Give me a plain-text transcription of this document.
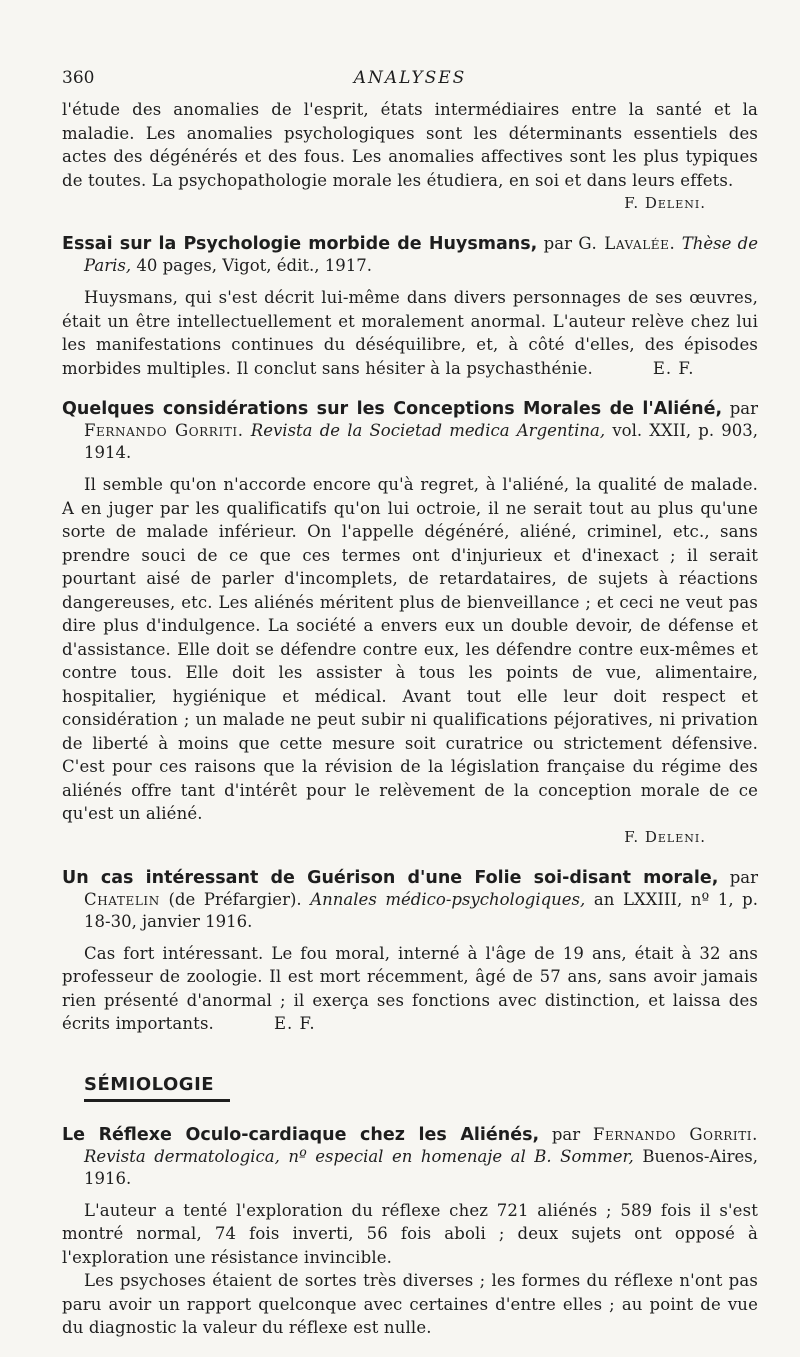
360	ANALYSES

l'étude des anomalies de l'esprit, états intermédiaires entre la santé et la maladie. Les anomalies psychologiques sont les déterminants essentiels des actes des dégénérés et des fous. Les anomalies affectives sont les plus typiques de toutes. La psychopathologie morale les étudiera, en soi et dans leurs effets.

F. Deleni.

Essai sur la Psychologie morbide de Huysmans, par G. Lavalée. Thèse de Paris, 40 pages, Vigot, édit., 1917.

Huysmans, qui s'est décrit lui-même dans divers personnages de ses œuvres, était un être intellectuellement et moralement anormal. L'auteur relève chez lui les manifestations continues du déséquilibre, et, à côté d'elles, des épisodes morbides multiples. Il conclut sans hésiter à la psychasthénie.	E. F.

Quelques considérations sur les Conceptions Morales de l'Aliéné, par Fernando Gorriti. Revista de la Societad medica Argentina, vol. XXII, p. 903, 1914.

Il semble qu'on n'accorde encore qu'à regret, à l'aliéné, la qualité de malade. A en juger par les qualificatifs qu'on lui octroie, il ne serait tout au plus qu'une sorte de malade inférieur. On l'appelle dégénéré, aliéné, criminel, etc., sans prendre souci de ce que ces termes ont d'injurieux et d'inexact ; il serait pourtant aisé de parler d'incomplets, de retardataires, de sujets à réactions dangereuses, etc. Les aliénés méritent plus de bienveillance ; et ceci ne veut pas dire plus d'indulgence. La société a envers eux un double devoir, de défense et d'assistance. Elle doit se défendre contre eux, les défendre contre eux-mêmes et contre tous. Elle doit les assister à tous les points de vue, alimentaire, hospitalier, hygiénique et médical. Avant tout elle leur doit respect et considération ; un malade ne peut subir ni qualifications péjoratives, ni privation de liberté à moins que cette mesure soit curatrice ou strictement défensive. C'est pour ces raisons que la révision de la législation française du régime des aliénés offre tant d'intérêt pour le relèvement de la conception morale de ce qu'est un aliéné.

F. Deleni.

Un cas intéressant de Guérison d'une Folie soi-disant morale, par Chatelin (de Préfargier). Annales médico-psychologiques, an LXXIII, nº 1, p. 18-30, janvier 1916.

Cas fort intéressant. Le fou moral, interné à l'âge de 19 ans, était à 32 ans professeur de zoologie. Il est mort récemment, âgé de 57 ans, sans avoir jamais rien présenté d'anormal ; il exerça ses fonctions avec distinction, et laissa des écrits importants.	E. F.

SÉMIOLOGIE

Le Réflexe Oculo-cardiaque chez les Aliénés, par Fernando Gorriti. Revista dermatologica, nº especial en homenaje al B. Sommer, Buenos-Aires, 1916.

L'auteur a tenté l'exploration du réflexe chez 721 aliénés ; 589 fois il s'est montré normal, 74 fois inverti, 56 fois aboli ; deux sujets ont opposé à l'exploration une résistance invincible.

Les psychoses étaient de sortes très diverses ; les formes du réflexe n'ont pas paru avoir un rapport quelconque avec certaines d'entre elles ; au point de vue du diagnostic la valeur du réflexe est nulle.
